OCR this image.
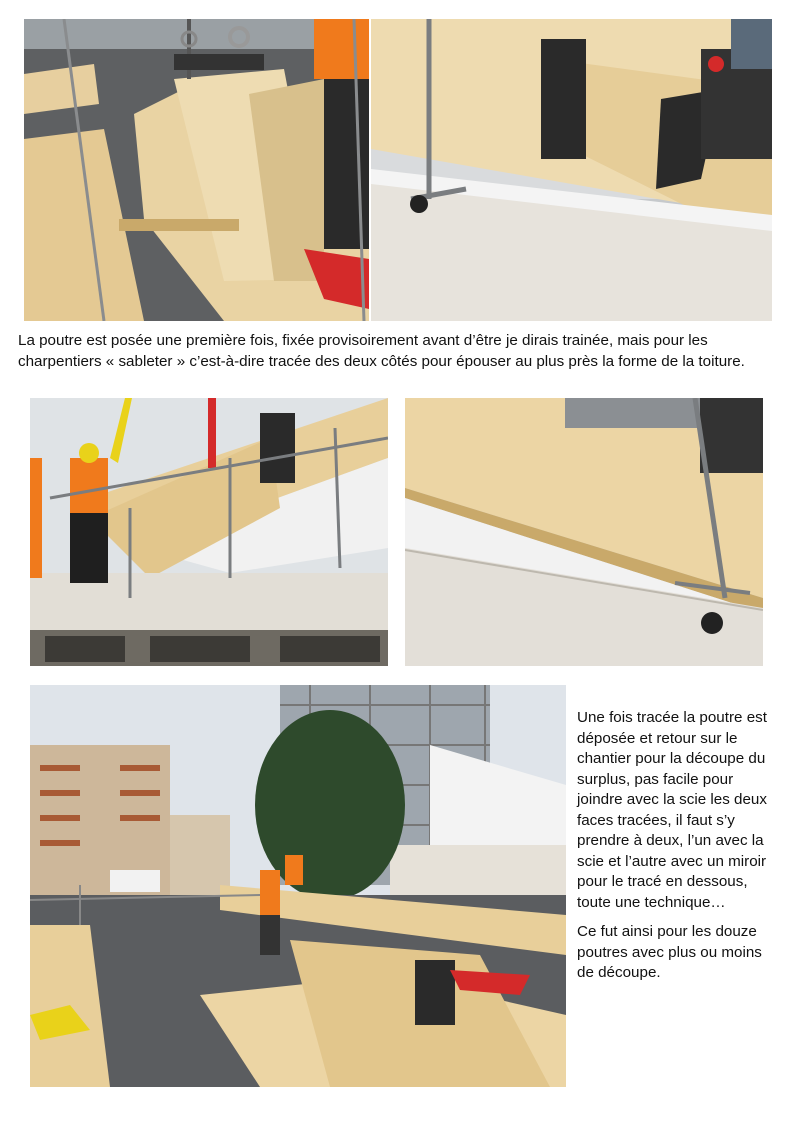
La poutre est posée une première fois, fixée provisoirement avant d’être je dirais trainée, mais pour les charpentiers « sableter » c’est-à-dire tracée des deux côtés pour épouser au plus près la forme de la toiture.

Une fois tracée la poutre est déposée et retour sur le chantier pour la découpe du surplus, pas facile pour joindre avec la scie les deux faces tracées, il faut s’y prendre à deux, l’un avec la scie et l’autre avec un miroir pour le tracé en dessous, toute une technique…

Ce fut ainsi pour les douze poutres avec plus ou moins de découpe.
